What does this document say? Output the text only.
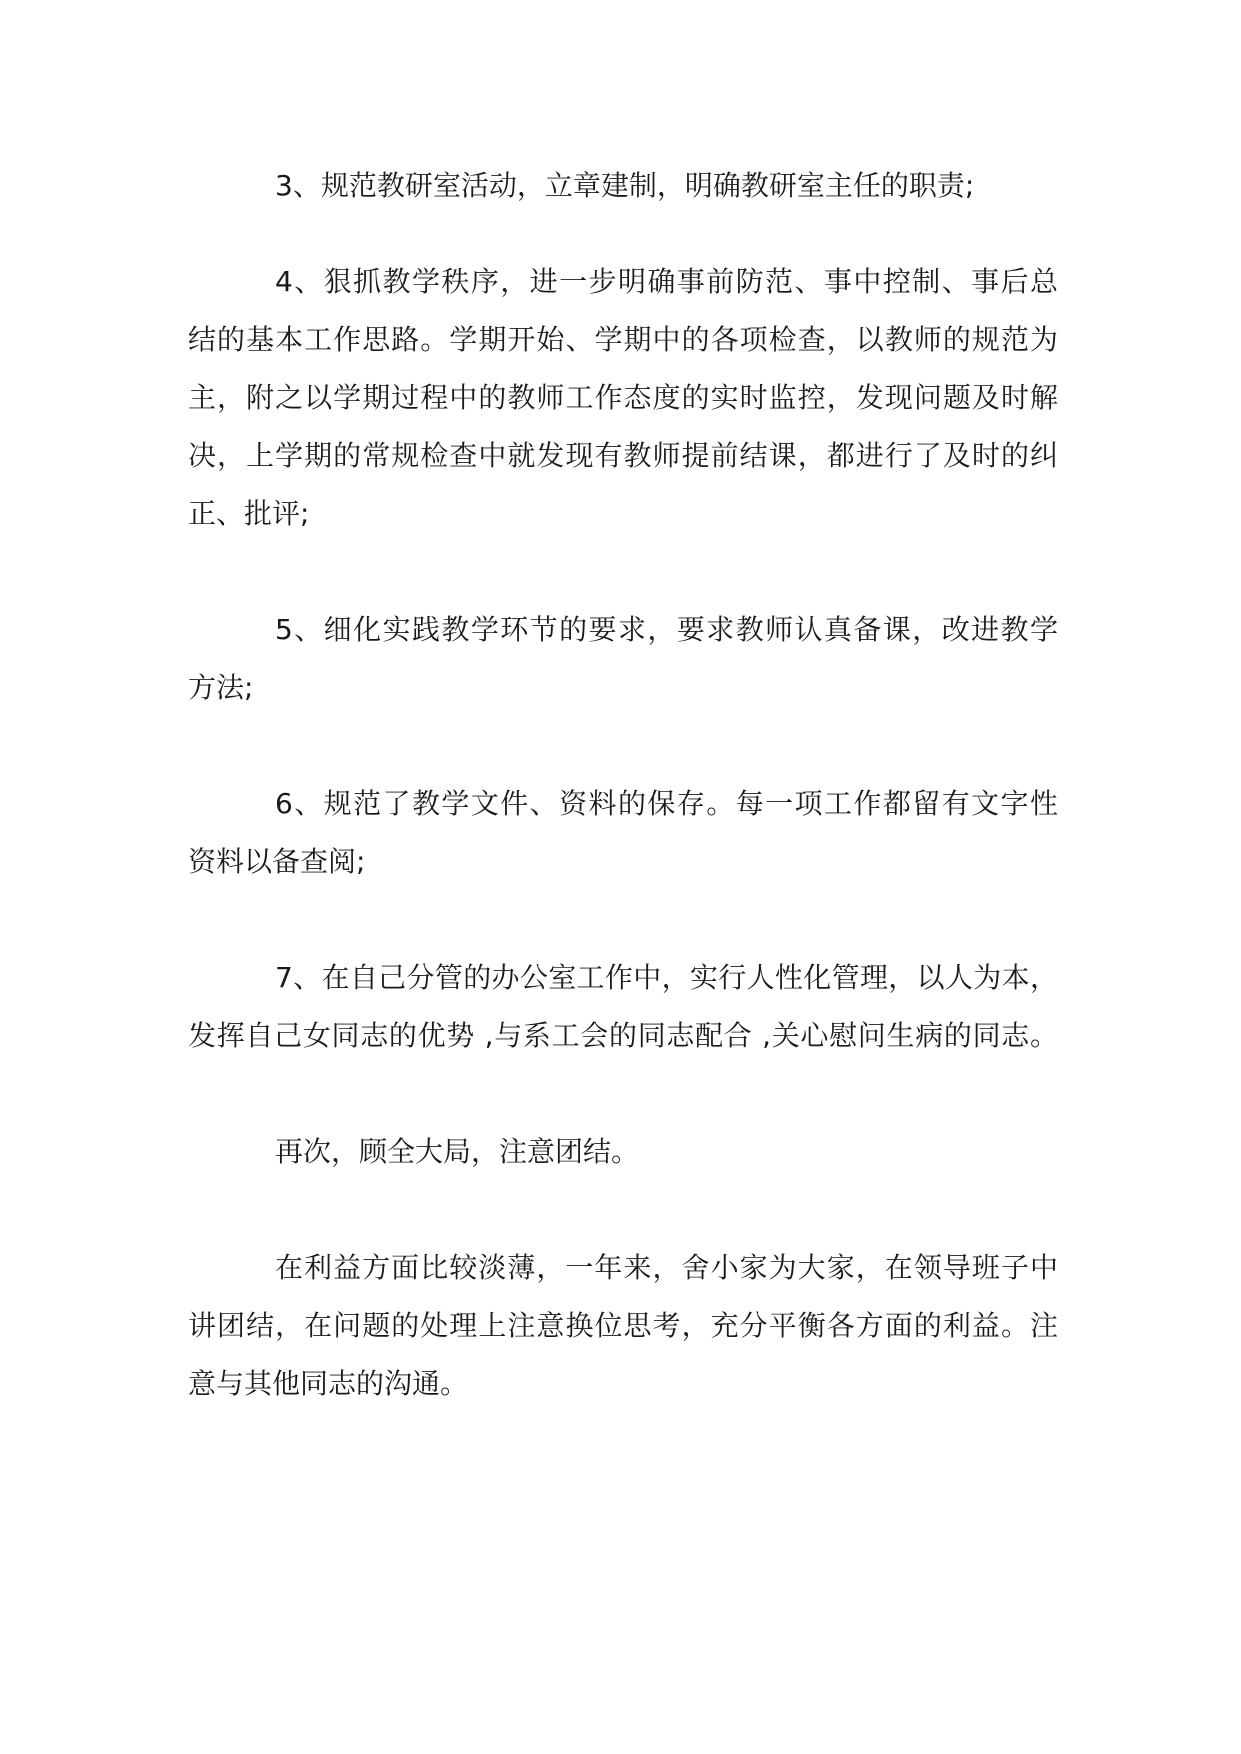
3、规范教研室活动，立章建制，明确教研室主任的职责;
4、狠抓教学秩序，进一步明确事前防范、事中控制、事后总
结的基本工作思路。学期开始、学期中的各项检查，以教师的规范为
主，附之以学期过程中的教师工作态度的实时监控，发现问题及时解
决，上学期的常规检查中就发现有教师提前结课，都进行了及时的纠
正、批评;
5、细化实践教学环节的要求，要求教师认真备课，改进教学
方法;
6、规范了教学文件、资料的保存。每一项工作都留有文字性
资料以备查阅;
7、在自己分管的办公室工作中，实行人性化管理，以人为本，
发挥自己女同志的优势 ,与系工会的同志配合 ,关心慰问生病的同志。
再次，顾全大局，注意团结。
在利益方面比较淡薄，一年来，舍小家为大家，在领导班子中
讲团结，在问题的处理上注意换位思考，充分平衡各方面的利益。注
意与其他同志的沟通。
